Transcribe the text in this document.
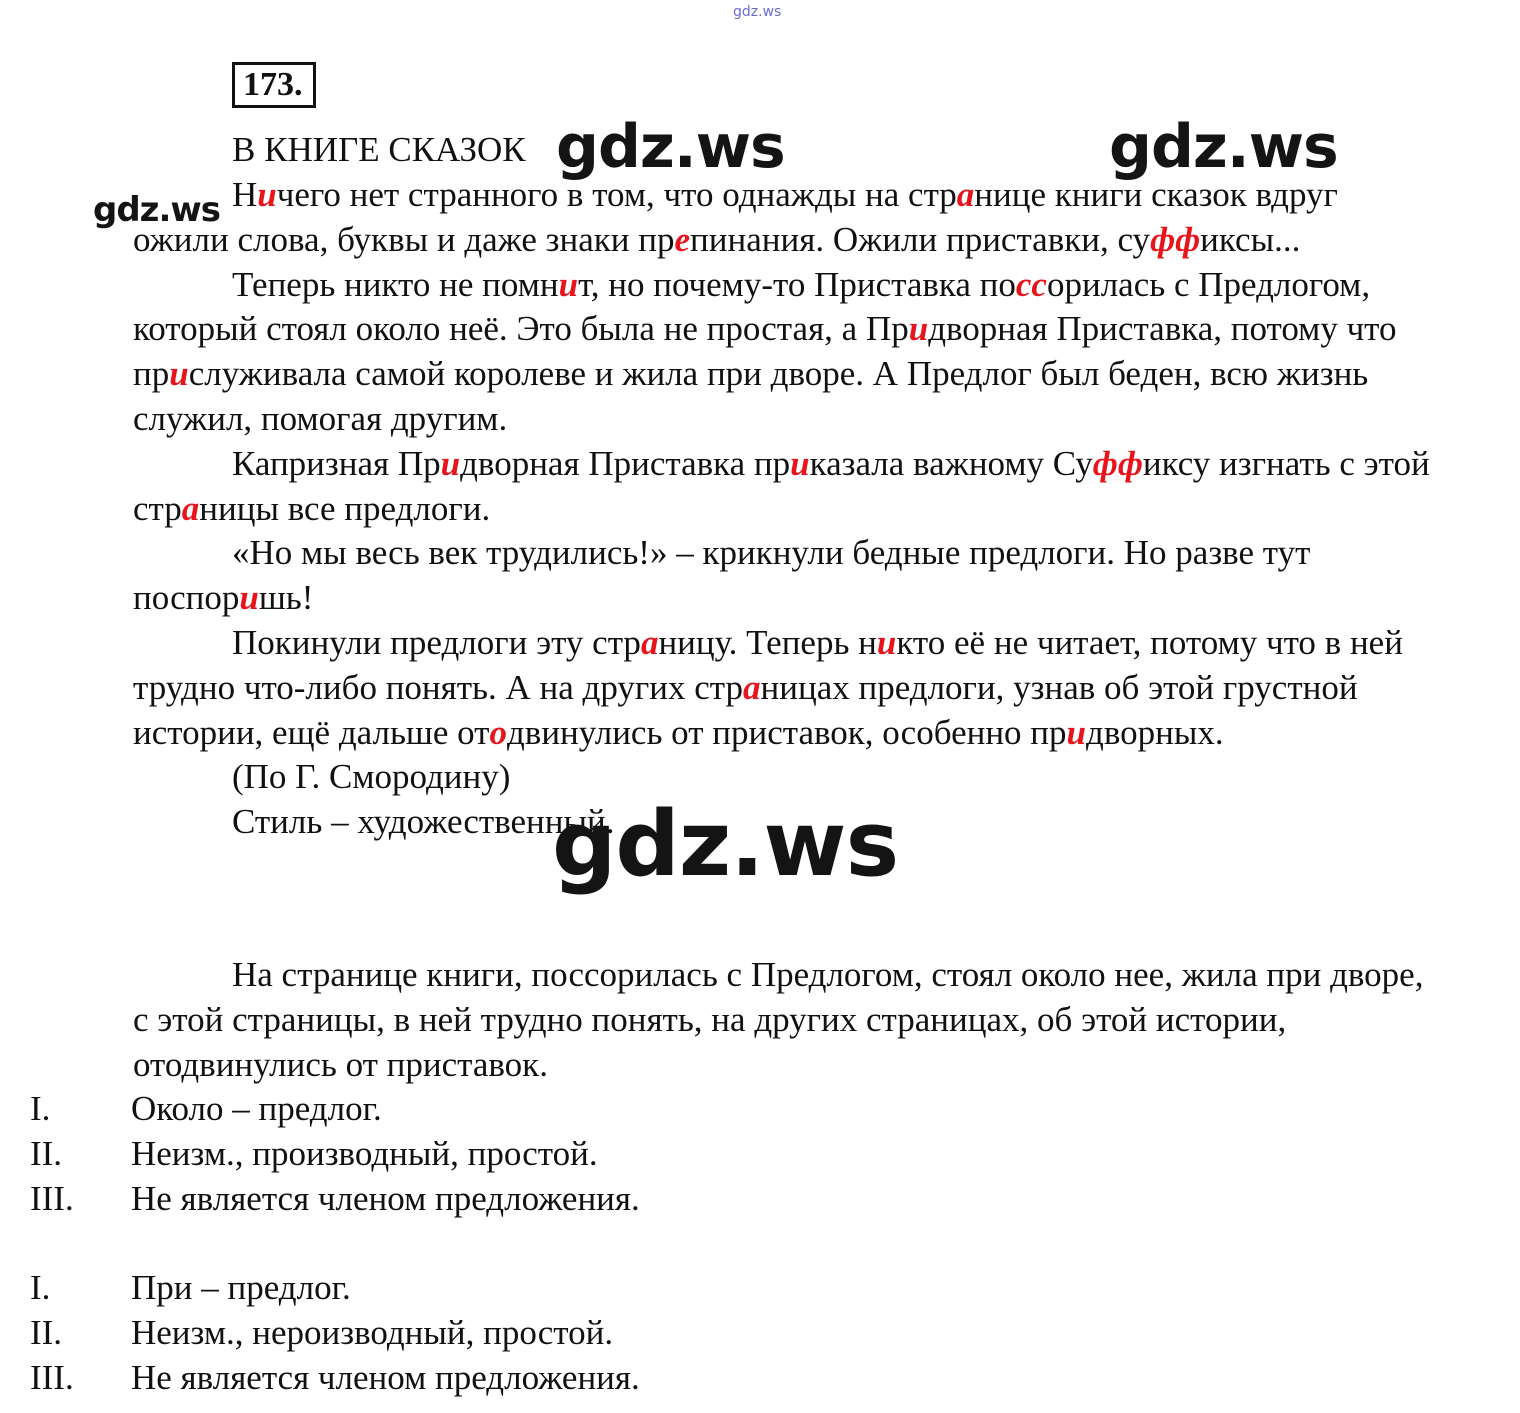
gdz.ws
173.
В КНИГЕ СКАЗОК

Ничего нет странного в том, что однажды на странице книги сказок вдруг ожили слова, буквы и даже знаки препинания. Ожили приставки, суффиксы...

Теперь никто не помнит, но почему-то Приставка поссорилась с Предлогом, который стоял около неё. Это была не простая, а Придворная Приставка, потому что прислуживала самой королеве и жила при дворе. А Предлог был беден, всю жизнь служил, помогая другим.

Капризная Придворная Приставка приказала важному Суффиксу изгнать с этой страницы все предлоги.

«Но мы весь век трудились!» – крикнули бедные предлоги. Но разве тут поспоришь!

Покинули предлоги эту страницу. Теперь никто её не читает, потому что в ней трудно что-либо понять. А на других страницах предлоги, узнав об этой грустной истории, ещё дальше отодвинулись от приставок, особенно придворных.

(По Г. Смородину)

Стиль – художественный.

На странице книги, поссорилась с Предлогом, стоял около нее, жила при дворе, с этой страницы, в ней трудно понять, на других страницах, об этой истории, отодвинулись от приставок.

I.	Около – предлог.
II.	Неизм., производный, простой.
III.	Не является членом предложения.
I.	При – предлог.
II.	Неизм., нероизводный, простой.
III.	Не является членом предложения.
gdz.ws	gdz.ws
gdz.ws
gdz.ws
